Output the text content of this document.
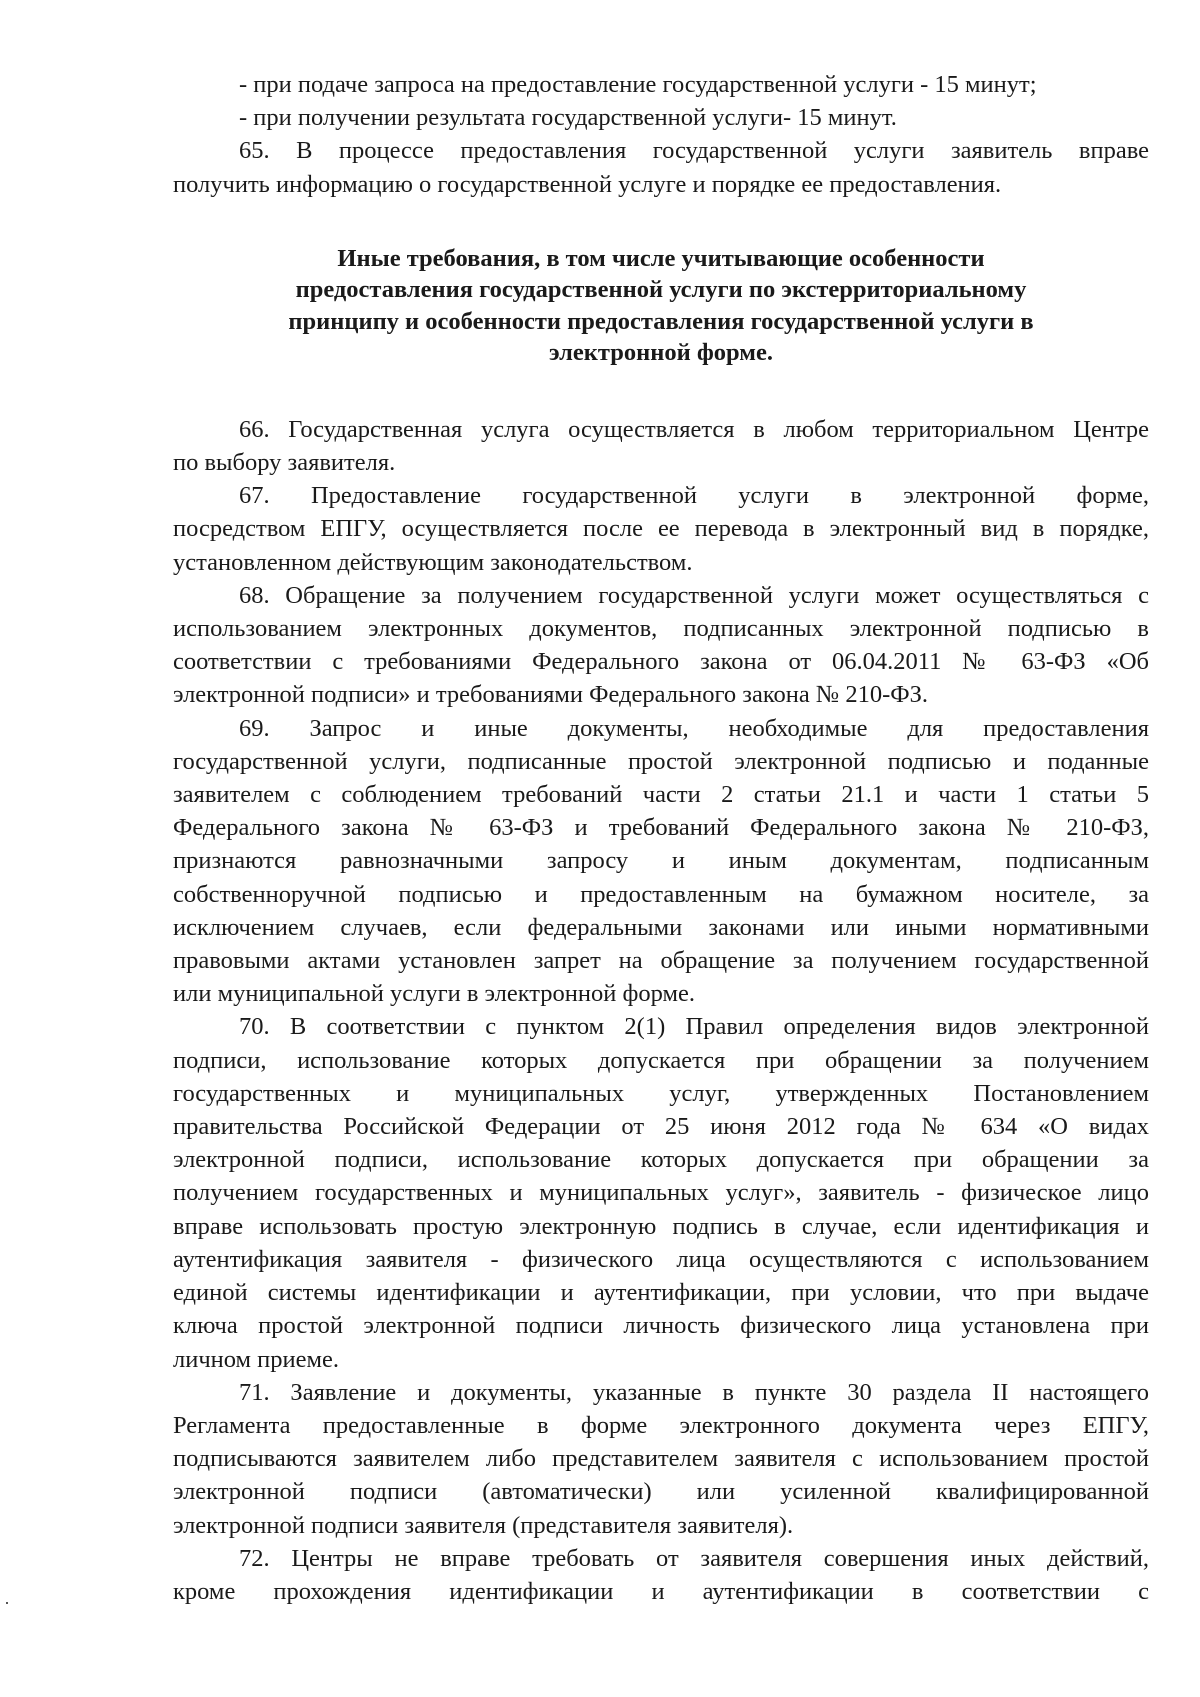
- при подаче запроса на предоставление государственной услуги - 15 минут;
- при получении результата государственной услуги- 15 минут.
65. В процессе предоставления государственной услуги заявитель вправе
получить информацию о государственной услуге и порядке ее предоставления.
Иные требования, в том числе учитывающие особенности
предоставления государственной услуги по экстерриториальному
принципу и особенности предоставления государственной услуги в
электронной форме.
66. Государственная услуга осуществляется в любом территориальном Центре
по выбору заявителя.
67. Предоставление государственной услуги в электронной форме,
посредством ЕПГУ, осуществляется после ее перевода в электронный вид в порядке,
установленном действующим законодательством.
68. Обращение за получением государственной услуги может осуществляться с
использованием электронных документов, подписанных электронной подписью в
соответствии с требованиями Федерального закона от 06.04.2011 № 63-ФЗ «Об
электронной подписи» и требованиями Федерального закона № 210-ФЗ.
69. Запрос и иные документы, необходимые для предоставления
государственной услуги, подписанные простой электронной подписью и поданные
заявителем с соблюдением требований части 2 статьи 21.1 и части 1 статьи 5
Федерального закона № 63-ФЗ и требований Федерального закона № 210-ФЗ,
признаются равнозначными запросу и иным документам, подписанным
собственноручной подписью и предоставленным на бумажном носителе, за
исключением случаев, если федеральными законами или иными нормативными
правовыми актами установлен запрет на обращение за получением государственной
или муниципальной услуги в электронной форме.
70. В соответствии с пунктом 2(1) Правил определения видов электронной
подписи, использование которых допускается при обращении за получением
государственных и муниципальных услуг, утвержденных Постановлением
правительства Российской Федерации от 25 июня 2012 года № 634 «О видах
электронной подписи, использование которых допускается при обращении за
получением государственных и муниципальных услуг», заявитель - физическое лицо
вправе использовать простую электронную подпись в случае, если идентификация и
аутентификация заявителя - физического лица осуществляются с использованием
единой системы идентификации и аутентификации, при условии, что при выдаче
ключа простой электронной подписи личность физического лица установлена при
личном приеме.
71. Заявление и документы, указанные в пункте 30 раздела II настоящего
Регламента предоставленные в форме электронного документа через ЕПГУ,
подписываются заявителем либо представителем заявителя с использованием простой
электронной подписи (автоматически) или усиленной квалифицированной
электронной подписи заявителя (представителя заявителя).
72. Центры не вправе требовать от заявителя совершения иных действий,
кроме прохождения идентификации и аутентификации в соответствии с
